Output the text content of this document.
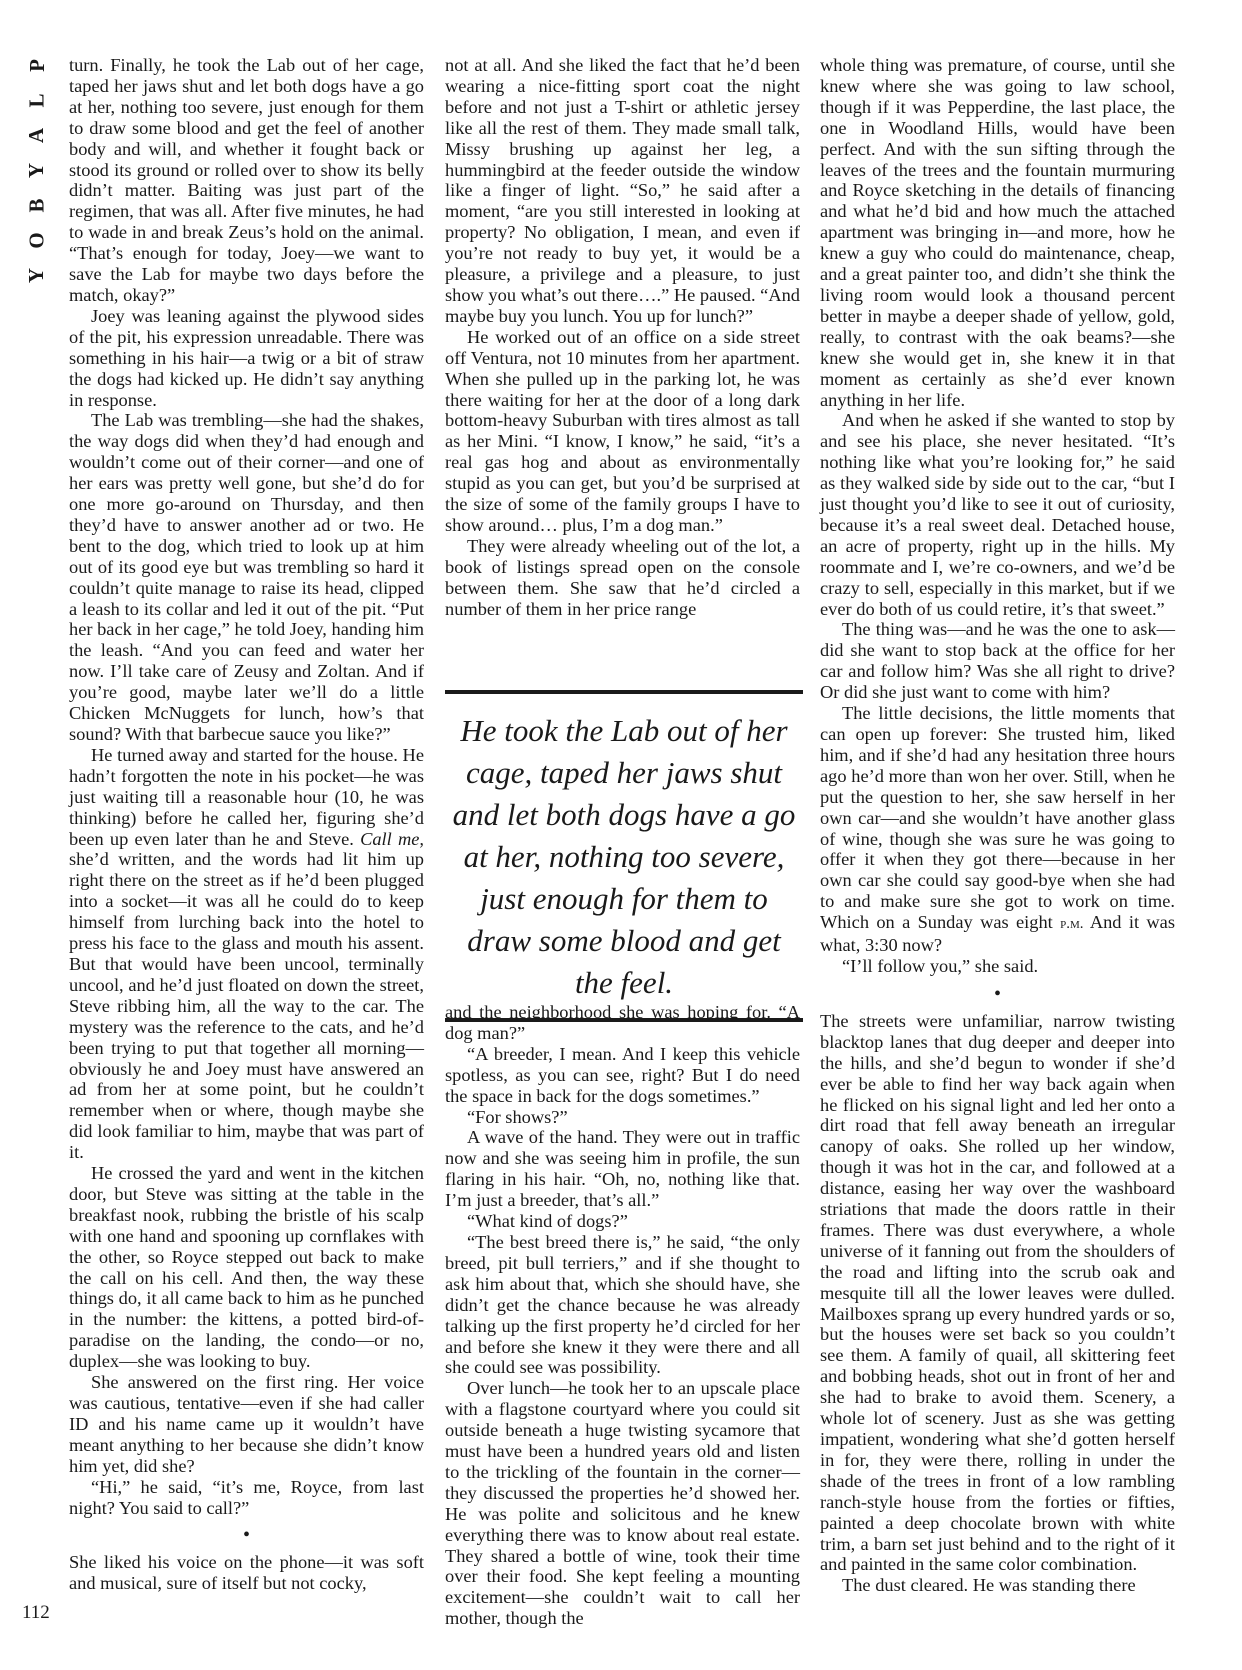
P
L
A
Y
B
O
Y
112

turn. Finally, he took the Lab out of her cage, taped her jaws shut and let both dogs have a go at her, nothing too severe, just enough for them to draw some blood and get the feel of another body and will, and whether it fought back or stood its ground or rolled over to show its belly didn’t matter. Baiting was just part of the regimen, that was all. After five minutes, he had to wade in and break Zeus’s hold on the animal. “That’s enough for today, Joey—we want to save the Lab for maybe two days before the match, okay?”

Joey was leaning against the plywood sides of the pit, his expression unreadable. There was something in his hair—a twig or a bit of straw the dogs had kicked up. He didn’t say anything in response.

The Lab was trembling—she had the shakes, the way dogs did when they’d had enough and wouldn’t come out of their corner—and one of her ears was pretty well gone, but she’d do for one more go-around on Thursday, and then they’d have to answer another ad or two. He bent to the dog, which tried to look up at him out of its good eye but was trembling so hard it couldn’t quite manage to raise its head, clipped a leash to its collar and led it out of the pit. “Put her back in her cage,” he told Joey, handing him the leash. “And you can feed and water her now. I’ll take care of Zeusy and Zoltan. And if you’re good, maybe later we’ll do a little Chicken McNuggets for lunch, how’s that sound? With that barbecue sauce you like?”

He turned away and started for the house. He hadn’t forgotten the note in his pocket—he was just waiting till a reasonable hour (10, he was thinking) before he called her, figuring she’d been up even later than he and Steve. Call me, she’d written, and the words had lit him up right there on the street as if he’d been plugged into a socket—it was all he could do to keep himself from lurching back into the hotel to press his face to the glass and mouth his assent. But that would have been uncool, terminally uncool, and he’d just floated on down the street, Steve ribbing him, all the way to the car. The mystery was the reference to the cats, and he’d been trying to put that together all morning—obviously he and Joey must have answered an ad from her at some point, but he couldn’t remember when or where, though maybe she did look familiar to him, maybe that was part of it.

He crossed the yard and went in the kitchen door, but Steve was sitting at the table in the breakfast nook, rubbing the bristle of his scalp with one hand and spooning up cornflakes with the other, so Royce stepped out back to make the call on his cell. And then, the way these things do, it all came back to him as he punched in the number: the kittens, a potted bird-of-paradise on the landing, the condo—or no, duplex—she was looking to buy.

She answered on the first ring. Her voice was cautious, tentative—even if she had caller ID and his name came up it wouldn’t have meant anything to her because she didn’t know him yet, did she?

“Hi,” he said, “it’s me, Royce, from last night? You said to call?”

•

She liked his voice on the phone—it was soft and musical, sure of itself but not cocky,

not at all. And she liked the fact that he’d been wearing a nice-fitting sport coat the night before and not just a T-shirt or athletic jersey like all the rest of them. They made small talk, Missy brushing up against her leg, a hummingbird at the feeder outside the window like a finger of light. “So,” he said after a moment, “are you still interested in looking at property? No obligation, I mean, and even if you’re not ready to buy yet, it would be a pleasure, a privilege and a pleasure, to just show you what’s out there….” He paused. “And maybe buy you lunch. You up for lunch?”

He worked out of an office on a side street off Ventura, not 10 minutes from her apartment. When she pulled up in the parking lot, he was there waiting for her at the door of a long dark bottom-heavy Suburban with tires almost as tall as her Mini. “I know, I know,” he said, “it’s a real gas hog and about as environmentally stupid as you can get, but you’d be surprised at the size of some of the family groups I have to show around… plus, I’m a dog man.”

They were already wheeling out of the lot, a book of listings spread open on the console between them. She saw that he’d circled a number of them in her price range

He took the Lab out of her cage, taped her jaws shut and let both dogs have a go at her, nothing too severe, just enough for them to draw some blood and get the feel.

and the neighborhood she was hoping for. “A dog man?”

“A breeder, I mean. And I keep this vehicle spotless, as you can see, right? But I do need the space in back for the dogs sometimes.”

“For shows?”

A wave of the hand. They were out in traffic now and she was seeing him in profile, the sun flaring in his hair. “Oh, no, nothing like that. I’m just a breeder, that’s all.”

“What kind of dogs?”

“The best breed there is,” he said, “the only breed, pit bull terriers,” and if she thought to ask him about that, which she should have, she didn’t get the chance because he was already talking up the first property he’d circled for her and before she knew it they were there and all she could see was possibility.

Over lunch—he took her to an upscale place with a flagstone courtyard where you could sit outside beneath a huge twisting sycamore that must have been a hundred years old and listen to the trickling of the fountain in the corner—they discussed the properties he’d showed her. He was polite and solicitous and he knew everything there was to know about real estate. They shared a bottle of wine, took their time over their food. She kept feeling a mounting excitement—she couldn’t wait to call her mother, though the

whole thing was premature, of course, until she knew where she was going to law school, though if it was Pepperdine, the last place, the one in Woodland Hills, would have been perfect. And with the sun sifting through the leaves of the trees and the fountain murmuring and Royce sketching in the details of financing and what he’d bid and how much the attached apartment was bringing in—and more, how he knew a guy who could do maintenance, cheap, and a great painter too, and didn’t she think the living room would look a thousand percent better in maybe a deeper shade of yellow, gold, really, to contrast with the oak beams?—she knew she would get in, she knew it in that moment as certainly as she’d ever known anything in her life.

And when he asked if she wanted to stop by and see his place, she never hesitated. “It’s nothing like what you’re looking for,” he said as they walked side by side out to the car, “but I just thought you’d like to see it out of curiosity, because it’s a real sweet deal. Detached house, an acre of property, right up in the hills. My roommate and I, we’re co-owners, and we’d be crazy to sell, especially in this market, but if we ever do both of us could retire, it’s that sweet.”

The thing was—and he was the one to ask—did she want to stop back at the office for her car and follow him? Was she all right to drive? Or did she just want to come with him?

The little decisions, the little moments that can open up forever: She trusted him, liked him, and if she’d had any hesitation three hours ago he’d more than won her over. Still, when he put the question to her, she saw herself in her own car—and she wouldn’t have another glass of wine, though she was sure he was going to offer it when they got there—because in her own car she could say good-bye when she had to and make sure she got to work on time. Which on a Sunday was eight p.m. And it was what, 3:30 now?

“I’ll follow you,” she said.

•

The streets were unfamiliar, narrow twisting blacktop lanes that dug deeper and deeper into the hills, and she’d begun to wonder if she’d ever be able to find her way back again when he flicked on his signal light and led her onto a dirt road that fell away beneath an irregular canopy of oaks. She rolled up her window, though it was hot in the car, and followed at a distance, easing her way over the washboard striations that made the doors rattle in their frames. There was dust everywhere, a whole universe of it fanning out from the shoulders of the road and lifting into the scrub oak and mesquite till all the lower leaves were dulled. Mailboxes sprang up every hundred yards or so, but the houses were set back so you couldn’t see them. A family of quail, all skittering feet and bobbing heads, shot out in front of her and she had to brake to avoid them. Scenery, a whole lot of scenery. Just as she was getting impatient, wondering what she’d gotten herself in for, they were there, rolling in under the shade of the trees in front of a low rambling ranch-style house from the forties or fifties, painted a deep chocolate brown with white trim, a barn set just behind and to the right of it and painted in the same color combination.

The dust cleared. He was standing there
